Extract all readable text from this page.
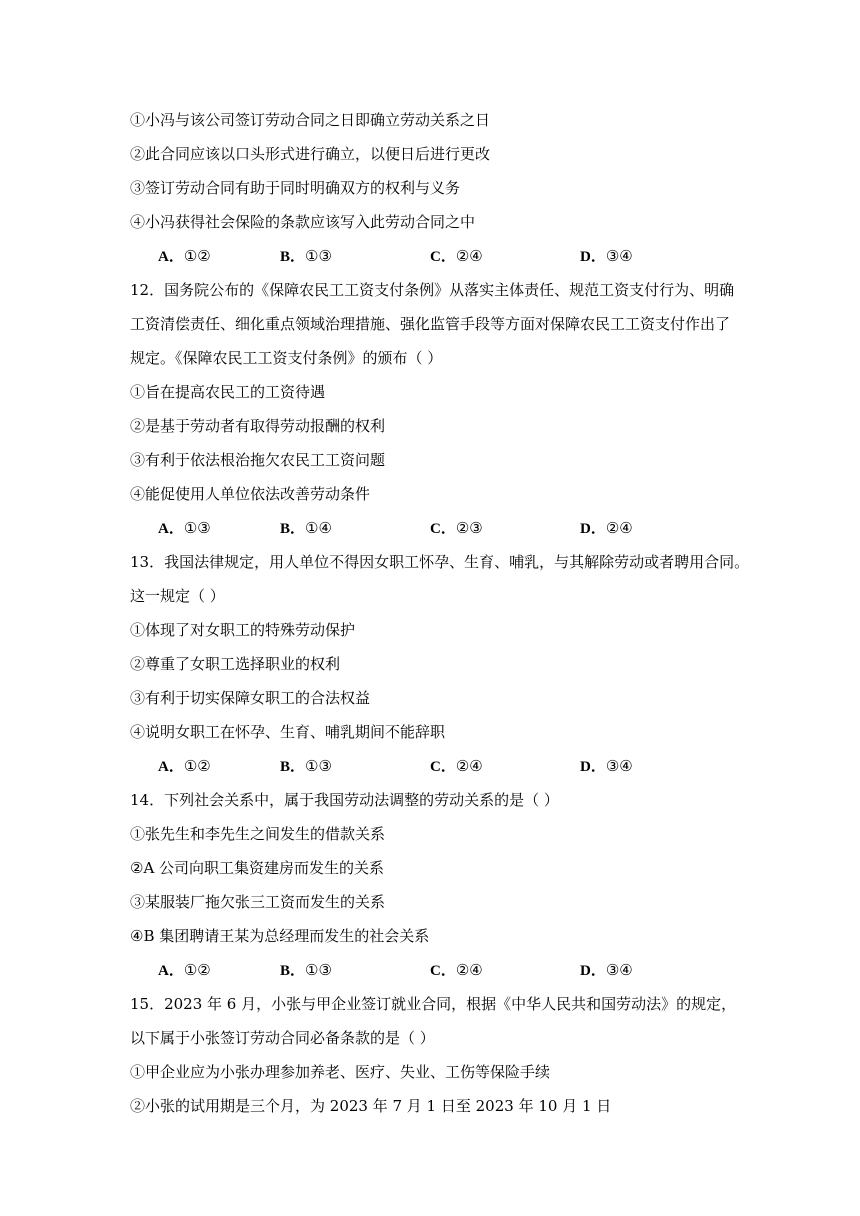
①小冯与该公司签订劳动合同之日即确立劳动关系之日
②此合同应该以口头形式进行确立，以便日后进行更改
③签订劳动合同有助于同时明确双方的权利与义务
④小冯获得社会保险的条款应该写入此劳动合同之中
A．①②	B．①③	C．②④	D．③④
12．国务院公布的《保障农民工工资支付条例》从落实主体责任、规范工资支付行为、明确
工资清偿责任、细化重点领域治理措施、强化监管手段等方面对保障农民工工资支付作出了
规定。《保障农民工工资支付条例》的颁布（ ）
①旨在提高农民工的工资待遇
②是基于劳动者有取得劳动报酬的权利
③有利于依法根治拖欠农民工工资问题
④能促使用人单位依法改善劳动条件
A．①③	B．①④	C．②③	D．②④
13．我国法律规定，用人单位不得因女职工怀孕、生育、哺乳，与其解除劳动或者聘用合同。
这一规定（ ）
①体现了对女职工的特殊劳动保护
②尊重了女职工选择职业的权利
③有利于切实保障女职工的合法权益
④说明女职工在怀孕、生育、哺乳期间不能辞职
A．①②	B．①③	C．②④	D．③④
14．下列社会关系中，属于我国劳动法调整的劳动关系的是（ ）
①张先生和李先生之间发生的借款关系
②A 公司向职工集资建房而发生的关系
③某服装厂拖欠张三工资而发生的关系
④B 集团聘请王某为总经理而发生的社会关系
A．①②	B．①③	C．②④	D．③④
15．2023 年 6 月，小张与甲企业签订就业合同，根据《中华人民共和国劳动法》的规定，
以下属于小张签订劳动合同必备条款的是（ ）
①甲企业应为小张办理参加养老、医疗、失业、工伤等保险手续
②小张的试用期是三个月，为 2023 年 7 月 1 日至 2023 年 10 月 1 日
